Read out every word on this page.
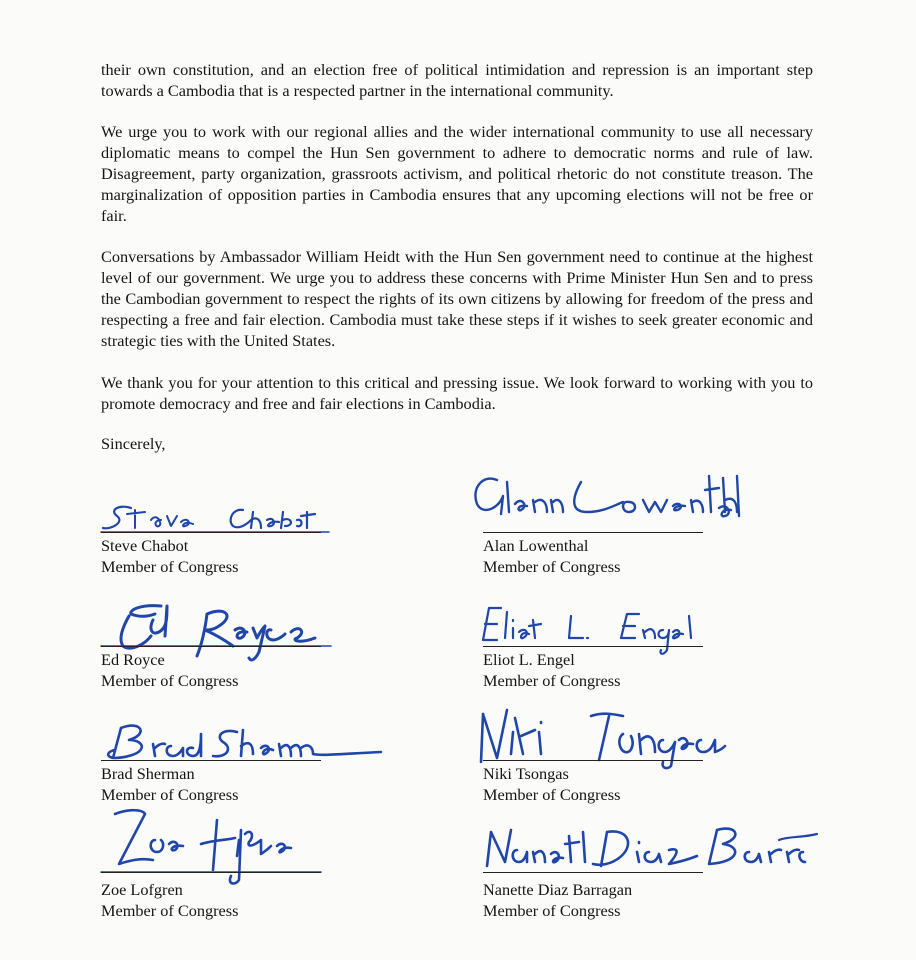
their own constitution, and an election free of political intimidation and repression is an important step towards a Cambodia that is a respected partner in the international community.

We urge you to work with our regional allies and the wider international community to use all necessary diplomatic means to compel the Hun Sen government to adhere to democratic norms and rule of law. Disagreement, party organization, grassroots activism, and political rhetoric do not constitute treason. The marginalization of opposition parties in Cambodia ensures that any upcoming elections will not be free or fair.

Conversations by Ambassador William Heidt with the Hun Sen government need to continue at the highest level of our government. We urge you to address these concerns with Prime Minister Hun Sen and to press the Cambodian government to respect the rights of its own citizens by allowing for freedom of the press and respecting a free and fair election. Cambodia must take these steps if it wishes to seek greater economic and strategic ties with the United States.

We thank you for your attention to this critical and pressing issue. We look forward to working with you to promote democracy and free and fair elections in Cambodia.

Sincerely,
Steve Chabot
Member of Congress
Alan Lowenthal
Member of Congress
Ed Royce
Member of Congress
Eliot L. Engel
Member of Congress
Brad Sherman
Member of Congress
Niki Tsongas
Member of Congress
Zoe Lofgren
Member of Congress
Nanette Diaz Barragan
Member of Congress
